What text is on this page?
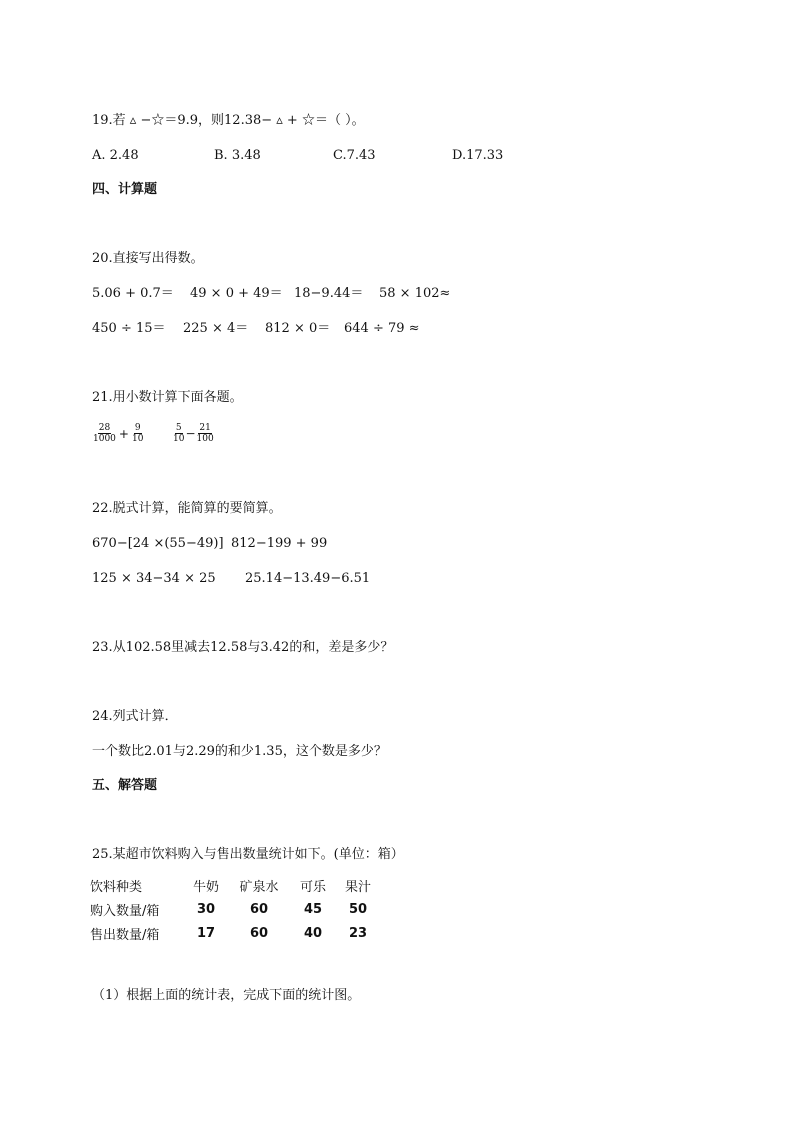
19.若 ▵ −☆＝9.9，则12.38− ▵ + ☆＝（ ）。
A. 2.48	B. 3.48	C.7.43	D.17.33
四、计算题
20.直接写出得数。
5.06 + 0.7＝ 49 × 0 + 49＝ 18−9.44＝ 58 × 102≈
450 ÷ 15＝ 225 × 4＝ 812 × 0＝ 644 ÷ 79 ≈
21.用小数计算下面各题。
$\frac{28}{1000} + \frac{9}{10}$	$\frac{5}{10} - \frac{21}{100}$
22.脱式计算，能简算的要简算。
670−[24 ×(55−49)] 812−199 + 99
125 × 34−34 × 25 25.14−13.49−6.51
23.从102.58里减去12.58与3.42的和，差是多少？
24.列式计算．
一个数比2.01与2.29的和少1.35，这个数是多少？
五、解答题
25.某超市饮料购入与售出数量统计如下。(单位：箱）
饮料种类	牛奶	矿泉水	可乐	果汁
购入数量/箱	30	60	45	50
售出数量/箱	17	60	40	23
（1）根据上面的统计表，完成下面的统计图。
